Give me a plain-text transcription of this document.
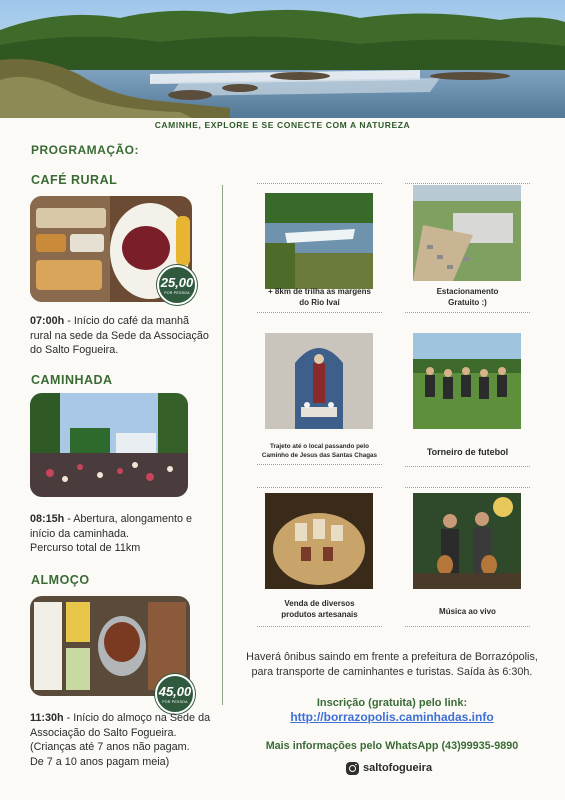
CAMINHE, EXPLORE E SE CONECTE COM A NATUREZA
PROGRAMAÇÃO:
CAFÉ RURAL
25,00
POR PESSOA
07:00h - Início do café da manhã rural na sede da Sede da Associação do Salto Fogueira.
CAMINHADA
08:15h - Abertura, alongamento e início da caminhada.
Percurso total de 11km
ALMOÇO
45,00
POR PESSOA
11:30h - Início do almoço na Sede da Associação do Salto Fogueira.
(Crianças até 7 anos não pagam.
De 7 a 10 anos pagam meia)
+ 8km de trilha as margens
do Rio Ivaí
Estacionamento
Gratuito :)
Trajeto até o local passando pelo
Caminho de Jesus das Santas Chagas	Torneiro de futebol
Venda de diversos
produtos artesanais	Música ao vivo
Haverá ônibus saindo em frente a prefeitura de Borrazópolis,
para transporte de caminhantes e turistas. Saída às 6:30h.
Inscrição (gratuita) pelo link:
http://borrazopolis.caminhadas.info
Mais informações pelo WhatsApp (43)99935-9890
saltofogueira
